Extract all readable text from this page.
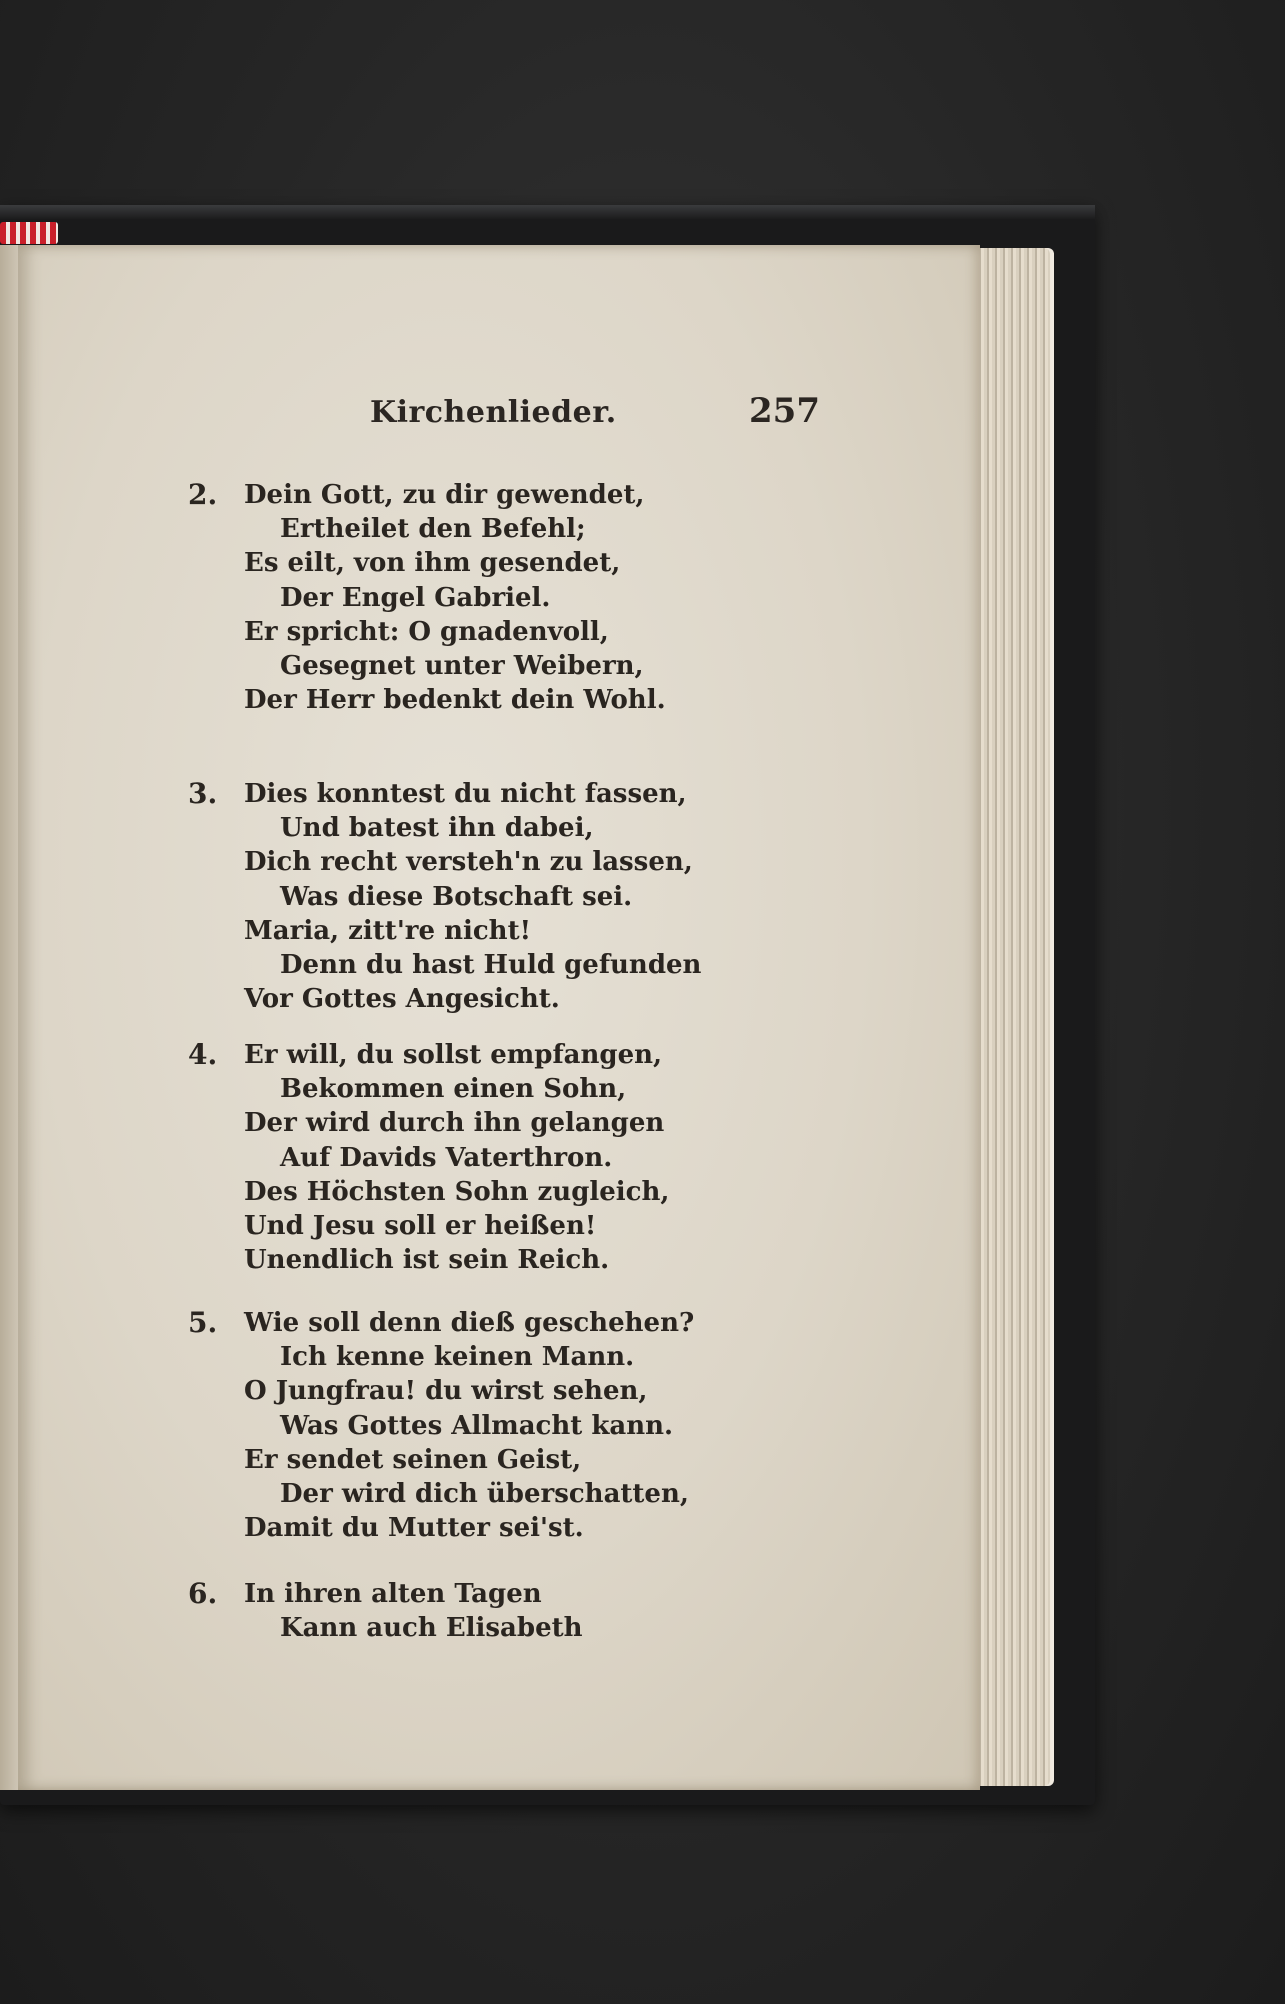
Kirchenlieder.	257
2. Dein Gott, zu dir gewendet,
Ertheilet den Befehl;
Es eilt, von ihm gesendet,
Der Engel Gabriel.
Er spricht: O gnadenvoll,
Gesegnet unter Weibern,
Der Herr bedenkt dein Wohl.
3. Dies konntest du nicht fassen,
Und batest ihn dabei,
Dich recht versteh'n zu lassen,
Was diese Botschaft sei.
Maria, zitt're nicht!
Denn du hast Huld gefunden
Vor Gottes Angesicht.
4. Er will, du sollst empfangen,
Bekommen einen Sohn,
Der wird durch ihn gelangen
Auf Davids Vaterthron.
Des Höchsten Sohn zugleich,
Und Jesu soll er heißen!
Unendlich ist sein Reich.
5. Wie soll denn dieß geschehen?
Ich kenne keinen Mann.
O Jungfrau! du wirst sehen,
Was Gottes Allmacht kann.
Er sendet seinen Geist,
Der wird dich überschatten,
Damit du Mutter sei'st.
6. In ihren alten Tagen
Kann auch Elisabeth
